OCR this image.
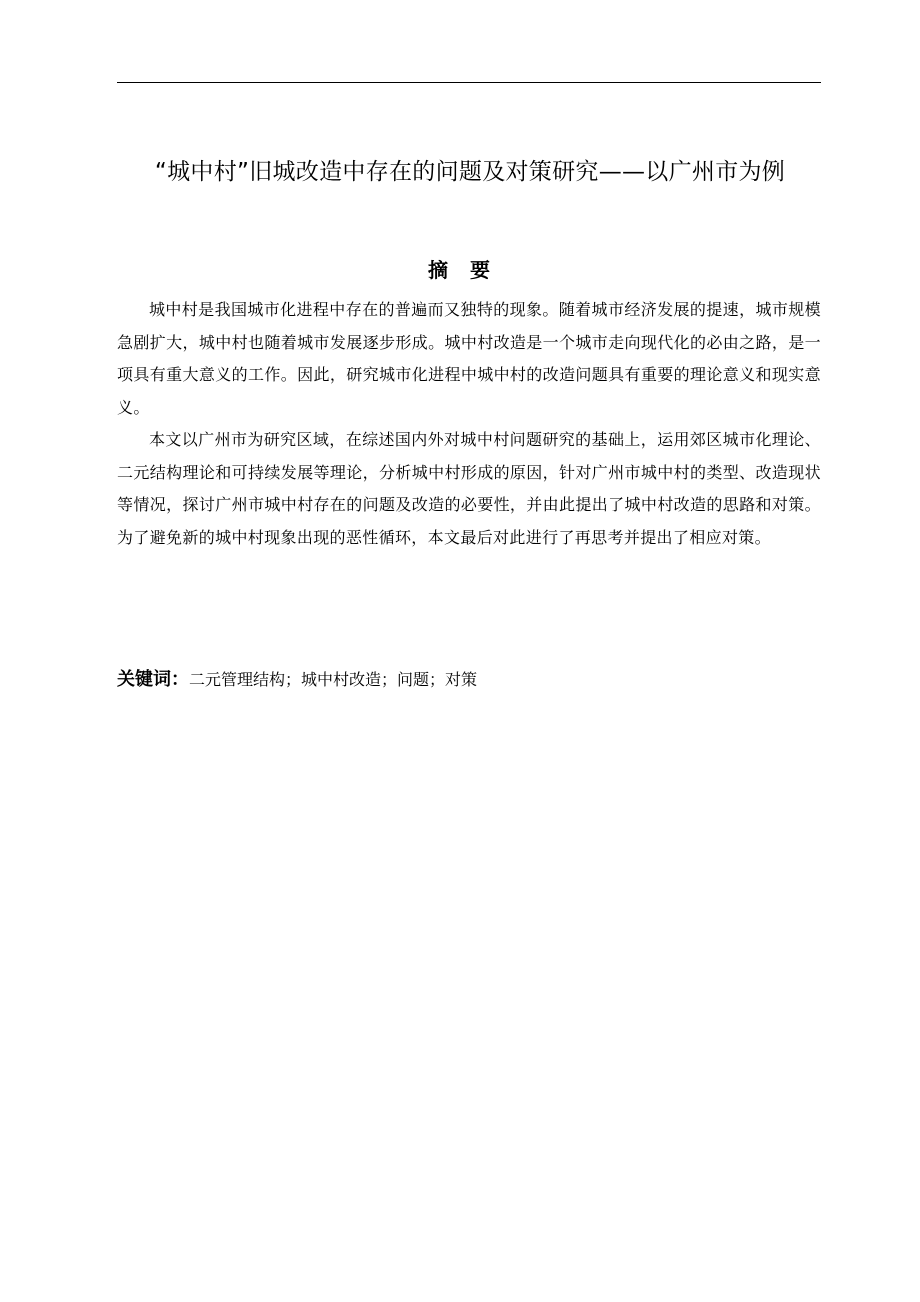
“城中村”旧城改造中存在的问题及对策研究——以广州市为例
摘要

城中村是我国城市化进程中存在的普遍而又独特的现象。随着城市经济发展的提速，城市规模急剧扩大，城中村也随着城市发展逐步形成。城中村改造是一个城市走向现代化的必由之路，是一项具有重大意义的工作。因此，研究城市化进程中城中村的改造问题具有重要的理论意义和现实意义。

本文以广州市为研究区域，在综述国内外对城中村问题研究的基础上，运用郊区城市化理论、二元结构理论和可持续发展等理论，分析城中村形成的原因，针对广州市城中村的类型、改造现状等情况，探讨广州市城中村存在的问题及改造的必要性，并由此提出了城中村改造的思路和对策。为了避免新的城中村现象出现的恶性循环，本文最后对此进行了再思考并提出了相应对策。

关键词：二元管理结构；城中村改造；问题；对策
